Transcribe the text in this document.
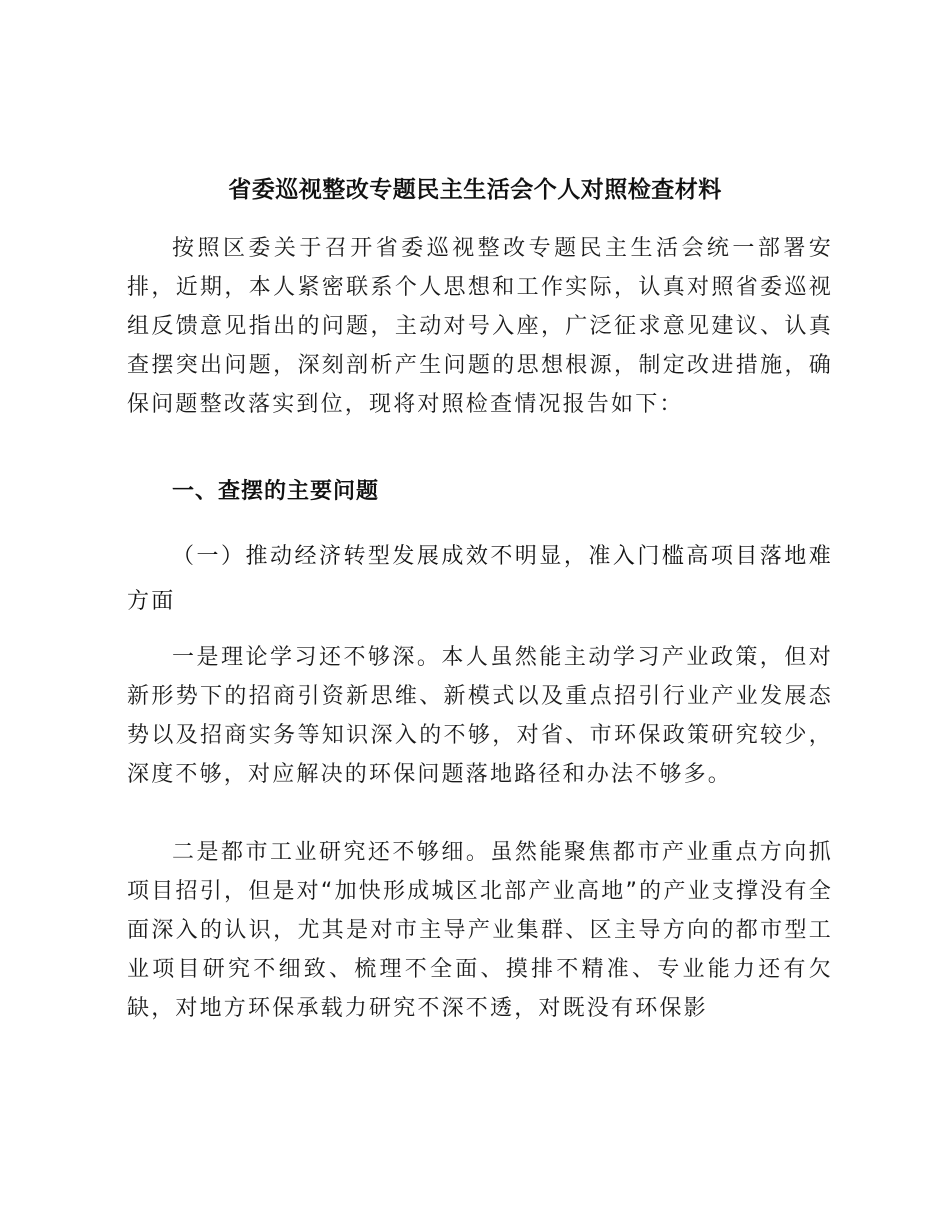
省委巡视整改专题民主生活会个人对照检查材料

按照区委关于召开省委巡视整改专题民主生活会统一部署安排，近期，本人紧密联系个人思想和工作实际，认真对照省委巡视组反馈意见指出的问题，主动对号入座，广泛征求意见建议、认真查摆突出问题，深刻剖析产生问题的思想根源，制定改进措施，确保问题整改落实到位，现将对照检查情况报告如下：

一、查摆的主要问题

（一）推动经济转型发展成效不明显，准入门槛高项目落地难方面

一是理论学习还不够深。本人虽然能主动学习产业政策，但对新形势下的招商引资新思维、新模式以及重点招引行业产业发展态势以及招商实务等知识深入的不够，对省、市环保政策研究较少，深度不够，对应解决的环保问题落地路径和办法不够多。

二是都市工业研究还不够细。虽然能聚焦都市产业重点方向抓项目招引，但是对“加快形成城区北部产业高地”的产业支撑没有全面深入的认识，尤其是对市主导产业集群、区主导方向的都市型工业项目研究不细致、梳理不全面、摸排不精准、专业能力还有欠缺，对地方环保承载力研究不深不透，对既没有环保影
